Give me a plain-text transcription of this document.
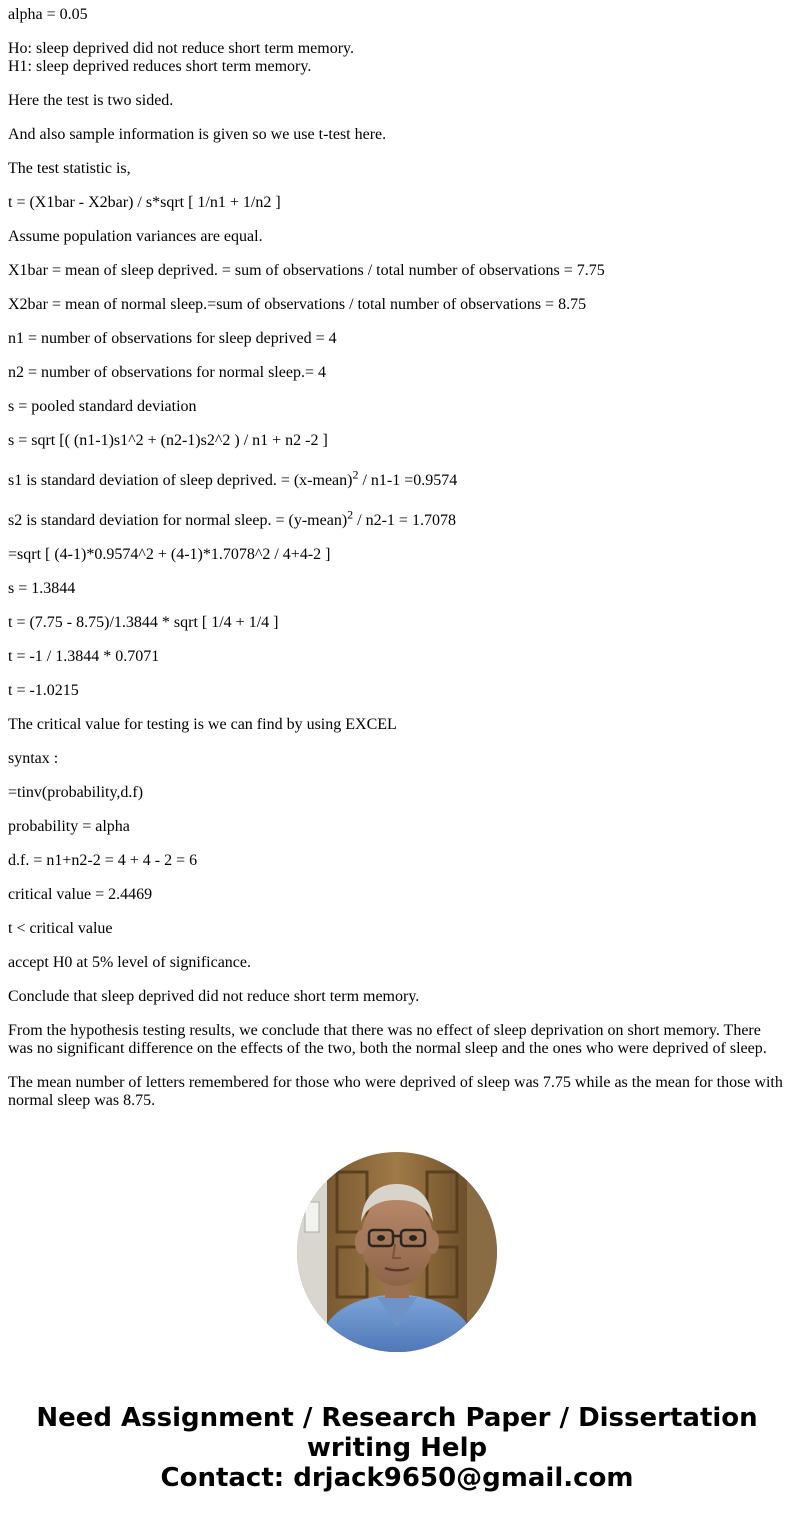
alpha = 0.05

Ho: sleep deprived did not reduce short term memory.
H1: sleep deprived reduces short term memory.

Here the test is two sided.

And also sample information is given so we use t-test here.

The test statistic is,

t = (X1bar - X2bar) / s*sqrt [ 1/n1 + 1/n2 ]

Assume population variances are equal.

X1bar = mean of sleep deprived. = sum of observations / total number of observations = 7.75

X2bar = mean of normal sleep.=sum of observations / total number of observations = 8.75

n1 = number of observations for sleep deprived = 4

n2 = number of observations for normal sleep.= 4

s = pooled standard deviation

s = sqrt [( (n1-1)s1^2 + (n2-1)s2^2 ) / n1 + n2 -2 ]

s1 is standard deviation of sleep deprived. = (x-mean)$^2$ / n1-1 =0.9574

s2 is standard deviation for normal sleep. = (y-mean)$^2$ / n2-1 = 1.7078

=sqrt [ (4-1)*0.9574^2 + (4-1)*1.7078^2 / 4+4-2 ]

s = 1.3844

t = (7.75 - 8.75)/1.3844 * sqrt [ 1/4 + 1/4 ]

t = -1 / 1.3844 * 0.7071

t = -1.0215

The critical value for testing is we can find by using EXCEL

syntax :

=tinv(probability,d.f)

probability = alpha

d.f. = n1+n2-2 = 4 + 4 - 2 = 6

critical value = 2.4469

t < critical value

accept H0 at 5% level of significance.

Conclude that sleep deprived did not reduce short term memory.

From the hypothesis testing results, we conclude that there was no effect of sleep deprivation on short memory. There was no significant difference on the effects of the two, both the normal sleep and the ones who were deprived of sleep.

The mean number of letters remembered for those who were deprived of sleep was 7.75 while as the mean for those with normal sleep was 8.75.

Need Assignment / Research Paper / Dissertation
writing Help
Contact: drjack9650@gmail.com
